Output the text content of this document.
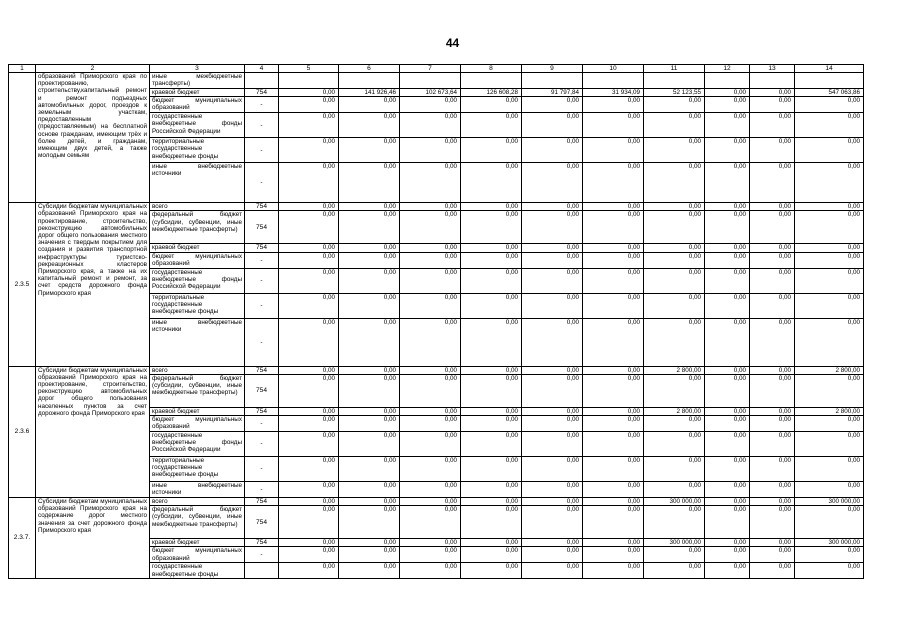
44
1	2	3	4	5	6	7	8	9	10	11	12	13	14
	образований Приморского края по проектированию, строительству,капитальный ремонт и ремонт подъездных автомобильных дорог, проездов к земельным участкам, предоставленным (предоставляемым) на бесплатной основе гражданам, имеющим трёх и более детей, и гражданам, имеющим двух детей, а также молодым семьям	иные межбюджетные трансферты)											
		краевой бюджет	754	0,00	141 926,46	102 673,64	126 608,28	91 797,84	31 934,09	52 123,55	0,00	0,00	547 063,86
		бюджет муниципальных образований	-	0,00	0,00	0,00	0,00	0,00	0,00	0,00	0,00	0,00	0,00
		государственные внебюджетные фонды Российской Федерации	-	0,00	0,00	0,00	0,00	0,00	0,00	0,00	0,00	0,00	0,00
		территориальные государственные внебюджетные фонды	-	0,00	0,00	0,00	0,00	0,00	0,00	0,00	0,00	0,00	0,00
		иные внебюджетные источники	-	0,00	0,00	0,00	0,00	0,00	0,00	0,00	0,00	0,00	0,00
2.3.5	Субсидии бюджетам муниципальных образований Приморского края на проектирование, строительство, реконструкцию автомобильных дорог общего пользования местного значения с твердым покрытием для создания и развития транспортной инфраструктуры туристско- рекреационных кластеров Приморского края, а также на их капитальный ремонт и ремонт, за счет средств дорожного фонда Приморского края	всего	754	0,00	0,00	0,00	0,00	0,00	0,00	0,00	0,00	0,00	0,00
		федеральный бюджет (субсидии, субвенции, иные межбюджетные трансферты)	754	0,00	0,00	0,00	0,00	0,00	0,00	0,00	0,00	0,00	0,00
		краевой бюджет	754	0,00	0,00	0,00	0,00	0,00	0,00	0,00	0,00	0,00	0,00
		бюджет муниципальных образований	-	0,00	0,00	0,00	0,00	0,00	0,00	0,00	0,00	0,00	0,00
		государственные внебюджетные фонды Российской Федерации	-	0,00	0,00	0,00	0,00	0,00	0,00	0,00	0,00	0,00	0,00
		территориальные государственные внебюджетные фонды	-	0,00	0,00	0,00	0,00	0,00	0,00	0,00	0,00	0,00	0,00
		иные внебюджетные источники	-	0,00	0,00	0,00	0,00	0,00	0,00	0,00	0,00	0,00	0,00
2.3.6	Субсидии бюджетам муниципальных образований Приморского края на проектирование, строительство, реконструкцию автомобильных дорог общего пользования населенных пунктов за счет дорожного фонда Приморского края	всего	754	0,00	0,00	0,00	0,00	0,00	0,00	2 800,00	0,00	0,00	2 800,00
		федеральный бюджет (субсидии, субвенции, иные межбюджетные трансферты)	754	0,00	0,00	0,00	0,00	0,00	0,00	0,00	0,00	0,00	0,00
		краевой бюджет	754	0,00	0,00	0,00	0,00	0,00	0,00	2 800,00	0,00	0,00	2 800,00
		бюджет муниципальных образований	-	0,00	0,00	0,00	0,00	0,00	0,00	0,00	0,00	0,00	0,00
		государственные внебюджетные фонды Российской Федерации	-	0,00	0,00	0,00	0,00	0,00	0,00	0,00	0,00	0,00	0,00
		территориальные государственные внебюджетные фонды	-	0,00	0,00	0,00	0,00	0,00	0,00	0,00	0,00	0,00	0,00
		иные внебюджетные источники	-	0,00	0,00	0,00	0,00	0,00	0,00	0,00	0,00	0,00	0,00
2.3.7.	Субсидии бюджетам муниципальных образований Приморского края на содержание дорог местного значения за счет дорожного фонда Приморского края	всего	754	0,00	0,00	0,00	0,00	0,00	0,00	300 000,00	0,00	0,00	300 000,00
		федеральный бюджет (субсидии, субвенции, иные межбюджетные трансферты)	754	0,00	0,00	0,00	0,00	0,00	0,00	0,00	0,00	0,00	0,00
		краевой бюджет	754	0,00	0,00	0,00	0,00	0,00	0,00	300 000,00	0,00	0,00	300 000,00
		бюджет муниципальных образований	-	0,00	0,00	0,00	0,00	0,00	0,00	0,00	0,00	0,00	0,00
		государственные внебюджетные фонды		0,00	0,00	0,00	0,00	0,00	0,00	0,00	0,00	0,00	0,00
